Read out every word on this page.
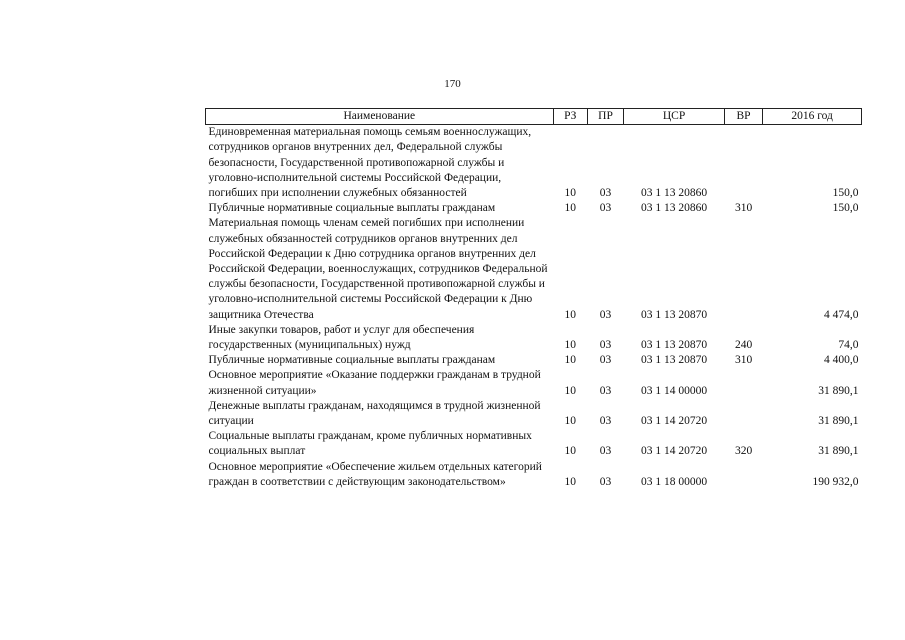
170
Наименование	РЗ	ПР	ЦСР	ВР	2016 год
Единовременная материальная помощь семьям военнослужащих, сотрудников органов внутренних дел, Федеральной службы безопасности, Государственной противопожарной службы и уголовно-исполнительной системы Российской Федерации, погибших при исполнении служебных обязанностей	10	03	03 1 13 20860		150,0
Публичные нормативные социальные выплаты гражданам	10	03	03 1 13 20860	310	150,0
Материальная помощь членам семей погибших при исполнении служебных обязанностей сотрудников органов внутренних дел Российской Федерации к Дню сотрудника органов внутренних дел Российской Федерации, военнослужащих, сотрудников Федеральной службы безопасности, Государственной противопожарной службы и уголовно-исполнительной системы Российской Федерации к Дню защитника Отечества	10	03	03 1 13 20870		4 474,0
Иные закупки товаров, работ и услуг для обеспечения государственных (муниципальных) нужд	10	03	03 1 13 20870	240	74,0
Публичные нормативные социальные выплаты гражданам	10	03	03 1 13 20870	310	4 400,0
Основное мероприятие «Оказание поддержки гражданам в трудной жизненной ситуации»	10	03	03 1 14 00000		31 890,1
Денежные выплаты гражданам, находящимся в трудной жизненной ситуации	10	03	03 1 14 20720		31 890,1
Социальные выплаты гражданам, кроме публичных нормативных социальных выплат	10	03	03 1 14 20720	320	31 890,1
Основное мероприятие «Обеспечение жильем отдельных категорий граждан в соответствии с действующим законодательством»	10	03	03 1 18 00000		190 932,0
